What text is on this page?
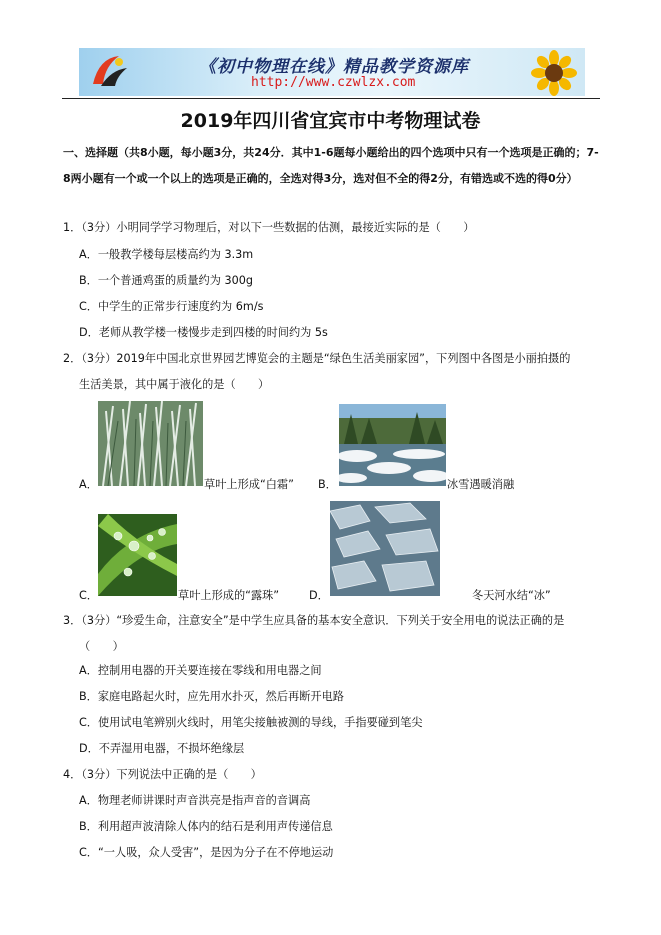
《初中物理在线》精品教学资源库
http://www.czwlzx.com
2019年四川省宜宾市中考物理试卷
一、选择题（共8小题，每小题3分，共24分．其中1-6题每小题给出的四个选项中只有一个选项是正确的；7-8两小题有一个或一个以上的选项是正确的，全选对得3分，选对但不全的得2分，有错选或不选的得0分）
1．（3分）小明同学学习物理后，对以下一些数据的估测，最接近实际的是（　　）
A．一般教学楼每层楼高约为 3.3m
B．一个普通鸡蛋的质量约为 300g
C．中学生的正常步行速度约为 6m/s
D．老师从教学楼一楼慢步走到四楼的时间约为 5s
2．（3分）2019年中国北京世界园艺博览会的主题是“绿色生活美丽家园”，下列图中各图是小丽拍摄的
生活美景，其中属于液化的是（　　）
A．	草叶上形成“白霜” B．	冰雪遇暖消融
C．	草叶上形成的“露珠”	D．	冬天河水结“冰”
3．（3分）“珍爱生命，注意安全”是中学生应具备的基本安全意识．下列关于安全用电的说法正确的是
（　　）
A．控制用电器的开关要连接在零线和用电器之间
B．家庭电路起火时，应先用水扑灭，然后再断开电路
C．使用试电笔辨别火线时，用笔尖接触被测的导线，手指要碰到笔尖
D．不弄湿用电器，不损坏绝缘层
4．（3分）下列说法中正确的是（　　）
A．物理老师讲课时声音洪亮是指声音的音调高
B．利用超声波清除人体内的结石是利用声传递信息
C．“一人吸，众人受害”，是因为分子在不停地运动
